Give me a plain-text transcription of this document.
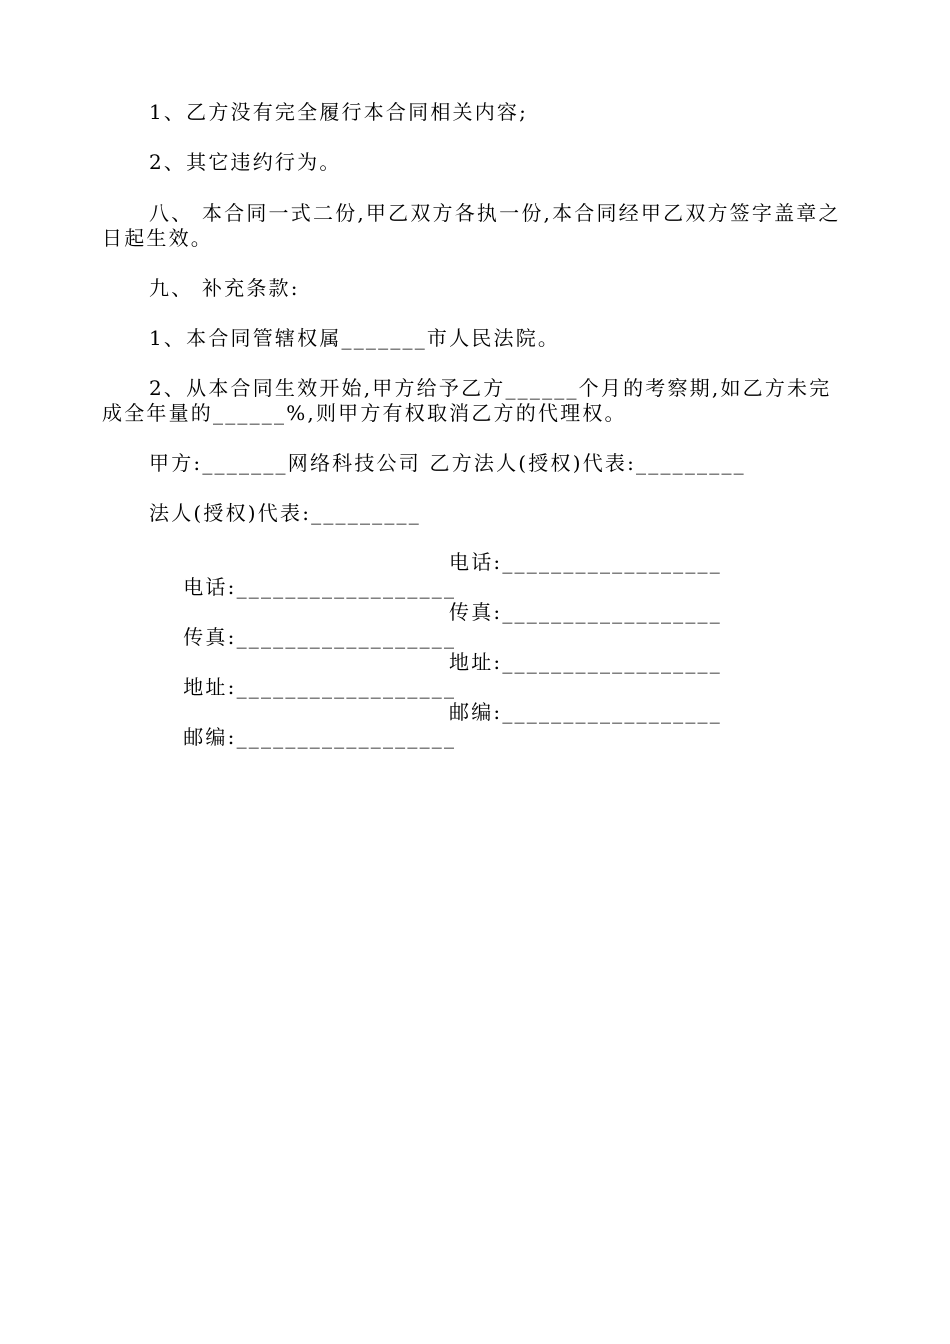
1、乙方没有完全履行本合同相关内容;
2、其它违约行为。
八、 本合同一式二份,甲乙双方各执一份,本合同经甲乙双方签字盖章之日起生效。
九、 补充条款:
1、本合同管辖权属_______市人民法院。
2、从本合同生效开始,甲方给予乙方______个月的考察期,如乙方未完成全年量的______%,则甲方有权取消乙方的代理权。
甲方:_______网络科技公司 乙方法人(授权)代表:_________
法人(授权)代表:_________

电话:__________________

电话:__________________

传真:__________________

传真:__________________

地址:__________________

地址:__________________

邮编:__________________

邮编:__________________
